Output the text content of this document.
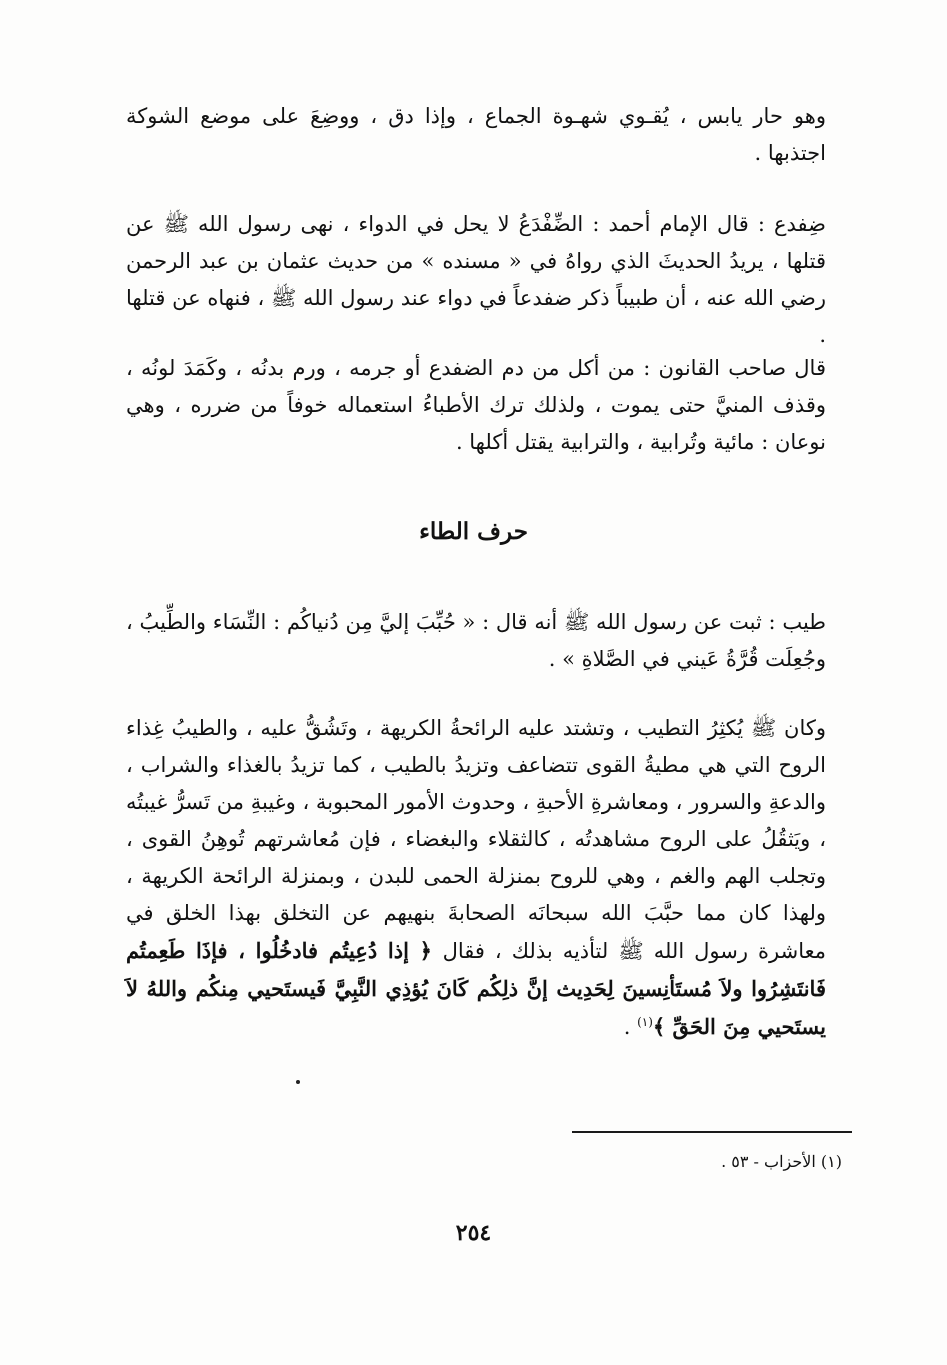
وهو حار يابس ، يُقـوي شهـوة الجماع ، وإذا دق ، ووضِعَ على موضع الشوكة اجتذبها .

ضِفدع : قال الإمام أحمد : الضِّفْدَعُ لا يحل في الدواء ، نهى رسول الله ﷺ عن قتلها ، يريدُ الحديثَ الذي رواهُ في « مسنده » من حديث عثمان بن عبد الرحمن رضي الله عنه ، أن طبيباً ذكر ضفدعاً في دواء عند رسول الله ﷺ ، فنهاه عن قتلها .

قال صاحب القانون : من أكل من دم الضفدع أو جرمه ، ورم بدنُه ، وكَمَدَ لونُه ، وقذف المنيَّ حتى يموت ، ولذلك ترك الأطباءُ استعماله خوفاً من ضرره ، وهي نوعان : مائية وتُرابية ، والترابية يقتل أكلها .

حرف الطاء

طيب : ثبت عن رسول الله ﷺ أنه قال : « حُبِّبَ إليَّ مِن دُنياكُم : النِّسَاء والطِّيبُ ، وجُعِلَت قُرَّةُ عَيني في الصَّلاةِ » .

وكان ﷺ يُكثِرُ التطيب ، وتشتد عليه الرائحةُ الكريهة ، وتَشُقُّ عليه ، والطيبُ غِذاء الروح التي هي مطيةُ القوى تتضاعف وتزيدُ بالطيب ، كما تزيدُ بالغذاء والشراب ، والدعةِ والسرور ، ومعاشرةِ الأحبةِ ، وحدوث الأمور المحبوبة ، وغيبةِ من تَسرُّ غيبتُه ، ويَثقُلُ على الروح مشاهدتُه ، كالثقلاء والبغضاء ، فإن مُعاشرتهم تُوهِنُ القوى ، وتجلب الهم والغم ، وهي للروح بمنزلة الحمى للبدن ، وبمنزلة الرائحة الكريهة ، ولهذا كان مما حبَّبَ الله سبحانَه الصحابةَ بنهيهم عن التخلق بهذا الخلق في معاشرة رسول الله ﷺ لتأذيه بذلك ، فقال ﴿ إذا دُعِيتُم فادخُلُوا ، فإذَا طَعِمتُم فَانتَشِرُوا ولاَ مُستَأنِسينَ لِحَدِيث إنَّ ذلِكُم كَانَ يُؤذِي النَّبِيَّ فَيستَحيي مِنكُم واللهُ لاَ يستَحيي مِنَ الحَقِّ ﴾$^{(١)}$ .

(١) الأحزاب - ٥٣ .

٢٥٤
